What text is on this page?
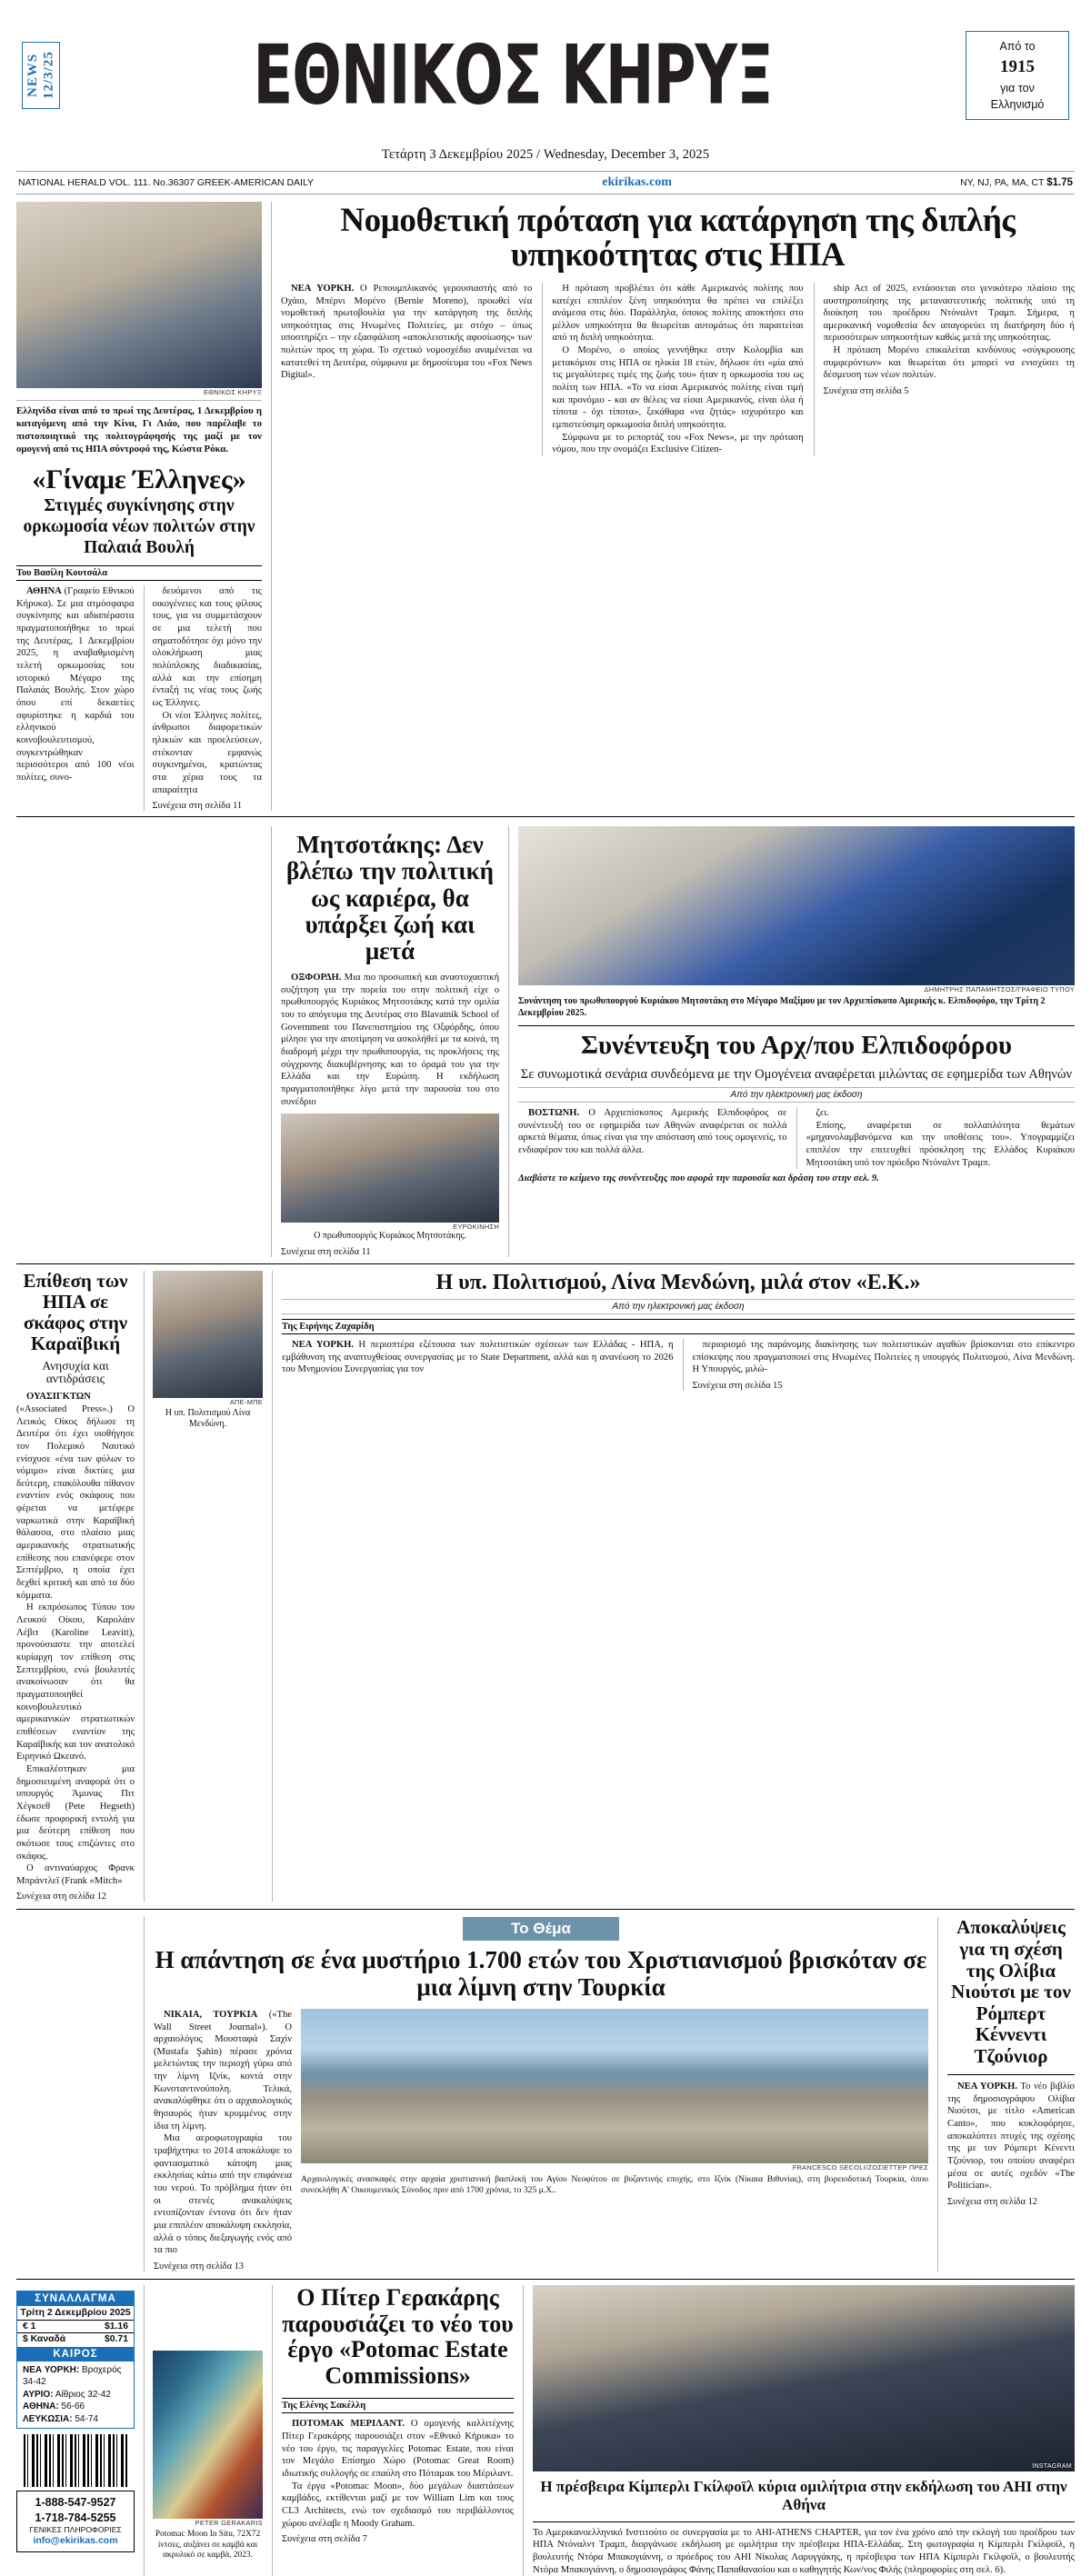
NEWS 12/3/25	ΕΘΝΙΚΟΣ ΚΗΡΥΞ	Από το
1915
για τον
Ελληνισμό
Τετάρτη 3 Δεκεμβρίου 2025 / Wednesday, December 3, 2025
NATIONAL HERALD VOL. 111. No.36307 GREEK-AMERICAN DAILY	ekirikas.com	NY, NJ, PA, MA, CT $1.75
ΕΘΝΙΚΟΣ ΚΗΡΥΞ
Ελληνίδα είναι από το πρωί της Δευτέρας, 1 Δεκεμβρίου η καταγόμενη από την Κίνα, Γι Λιάο, που παρέλαβε το πιστοποιητικό της πολιτογράφησής της μαζί με τον ομογενή από τις ΗΠΑ σύντροφό της, Κώστα Ρόκα.
«Γίναμε Έλληνες»
Στιγμές συγκίνησης στην ορκωμοσία νέων πολιτών στην Παλαιά Βουλή
Του Βασίλη Κουτσάλα
ΑΘΗΝΑ (Γραφείο Εθνικού Κήρυκα). Σε μια ατμόσφαιρα συγκίνησης και αδιαπέραστα πραγματοποιήθηκε το πρωί της Δευτέρας, 1 Δεκεμβρίου 2025, η αναβαθμισμένη τελετή ορκωμοσίας του ιστορικό Μέγαρο της Παλαιάς Βουλής. Στον χώρο όπου επί δεκαετίες σφυρίστηκε η καρδιά του ελληνικού κοινοβουλευτισμού, συγκεντρώθηκαν περισσότεροι από 100 νέοι πολίτες, συνο-
δευόμενοι από τις οικογένειες και τους φίλους τους, για να συμμετάσχουν σε μια τελετή που σηματοδότησε όχι μόνο την ολοκλήρωση μιας πολύπλοκης διαδικασίας, αλλά και την επίσημη ένταξή τις νέας τους ζωής ως Έλληνες.
Οι νέοι Έλληνες πολίτες, άνθρωποι διαφορετικών ηλικιών και προελεύσεων, στέκονταν εμφανώς συγκινημένοι, κρατώντας στα χέρια τους τα απαραίτητα
Συνέχεια στη σελίδα 11
Νομοθετική πρόταση για κατάργηση της διπλής υπηκοότητας στις ΗΠΑ
ΝΕΑ ΥΟΡΚΗ. Ο Ρεπουμπλικανός γερουσιαστής από το Οχάιο, Μπέρνι Μορένο (Bernie Moreno), προωθεί νέα νομοθετική πρωτοβουλία για την κατάργηση της διπλής υπηκοότητας στις Ηνωμένες Πολιτείες, με στόχο – όπως υποστηρίζει – την εξασφάλιση «αποκλειστικής αφοσίωσης» των πολιτών προς τη χώρα. Το σχετικό νομοσχέδιο αναμένεται να κατατεθεί τη Δευτέρα, σύμφωνα με δημοσίευμα του «Fox News Digital».
Η πρόταση προβλέπει ότι κάθε Αμερικανός πολίτης που κατέχει επιπλέον ξένη υπηκοότητα θα πρέπει να επιλέξει ανάμεσα στις δύο. Παράλληλα, όποιος πολίτης αποκτήσει στο μέλλον υπηκοότητα θα θεωρείται αυτομάτως ότι παραιτείται από τη διπλή υπηκοότητα.
Ο Μορένο, ο οποίος γεννήθηκε στην Κολομβία και μετακόμισε στις ΗΠΑ σε ηλικία 18 ετών, δήλωσε ότι «μία από τις μεγαλύτερες τιμές της ζωής του» ήταν η ορκωμοσία του ως πολίτη των ΗΠΑ. «Το να είσαι Αμερικανός πολίτης είναι τιμή και προνόμιο - και αν θέλεις να είσαι Αμερικανός, είναι όλα ή τίποτα - όχι τίποτα», ξεκάθαρα «να ζητάς» ισχυρότερο και εμπιστεύσιμη ορκωμοσία διπλή υπηκοότητα.
Σύμφωνα με το ρεπορτάζ του «Fox News», με την πρόταση νόμου, που την ονομάζει Exclusive Citizen-
ship Act of 2025, εντάσσεται στο γενικότερο πλαίσιο της αυστηροποίησης της μεταναστευτικής πολιτικής υπό τη διοίκηση του προέδρου Ντόναλντ Τραμπ. Σήμερα, η αμερικανική νομοθεσία δεν απαγορεύει τη διατήρηση δύο ή περισσότερων υπηκοοτήτων καθώς μετά της υπηκοότητας.
Η πρόταση Μορένο επικαλείται κινδύνους «σύγκρουσης συμφερόντων» και θεωρείται ότι μπορεί να ενισχύσει τη δέσμευση των νέων πολιτών.
Συνέχεια στη σελίδα 5
Μητσοτάκης: Δεν βλέπω την πολιτική ως καριέρα, θα υπάρξει ζωή και μετά
ΟΞΦΟΡΔΗ. Μια πιο προσωπική και αναστοχαστική συζήτηση για την πορεία του στην πολιτική είχε ο πρωθυπουργός Κυριάκος Μητσοτάκης κατά την ομιλία του το απόγευμα της Δευτέρας στο Blavatnik School of Government του Πανεπιστημίου της Οξφόρδης, όπου μίλησε για την αποτίμηση να ασκολήθεί με τα κοινά, τη διαδρομή μέχρι την πρωθυπουργία, τις προκλήσεις της σύγχρονης διακυβέρνησης και το όραμά του για την Ελλάδα και την Ευρώπη. Η εκδήλωση πραγματοποιήθηκε λίγο μετά την παρουσία του στο συνέδριο
ΕΥΡΩΚΙΝΗΣΗ
Ο πρωθυπουργός Κυριάκος Μητσοτάκης.
Συνέχεια στη σελίδα 11
ΔΗΜΗΤΡΗΣ ΠΑΠΑΜΗΤΣΟΣ/ΓΡΑΦΕΙΟ ΤΥΠΟΥ
Συνάντηση του πρωθυπουργού Κυριάκου Μητσοτάκη στο Μέγαρο Μαξίμου με τον Αρχιεπίσκοπο Αμερικής κ. Ελπιδοφόρο, την Τρίτη 2 Δεκεμβρίου 2025.
Συνέντευξη του Αρχ/που Ελπιδοφόρου
Σε συνωμοτικά σενάρια συνδεόμενα με την Ομογένεια αναφέρεται μιλώντας σε εφημερίδα των Αθηνών
Από την ηλεκτρονική μας έκδοση
ΒΟΣΤΩΝΗ. Ο Αρχιεπίσκοπος Αμερικής Ελπιδοφόρος σε συνέντευξή του σε εφημερίδα των Αθηνών αναφέρεται σε πολλά αρκετά θέματα, όπως είναι για την απόσταση από τους ομογενείς, το ενδιαφέρον του και πολλά άλλα.
ζει.
Επίσης, αναφέρεται σε πολλαπλότητα θεμάτων «μηχανολαμβανόμενα και την υποθέσεις του». Υπογραμμίζει επιπλέον την επιτευχθεί πρόσκληση της Ελλάδος Κυριάκου Μητσοτάκη υπό τον πρόεδρο Ντόναλντ Τραμπ.
Διαβάστε το κείμενο της συνέντευξης που αφορά την παρουσία και δράση του στην σελ. 9.
Επίθεση των ΗΠΑ σε σκάφος στην Καραϊβική
Ανησυχία και αντιδράσεις
ΟΥΑΣΙΓΚΤΩΝ («Associated Press».) Ο Λευκός Οίκος δήλωσε τη Δευτέρα ότι έχει υιοθήγησε τον Πολεμικό Ναυτικό ενίσχυσε «ένα των φύλων το νόμιμο» είναι δικτύες μια δεύτερη, επακόλουθα πίθανον εναντίον ενός σκάφους που φέρεται να μετέφερε ναρκωτικά στην Καραϊβική θάλασσα, στο πλαίσιο μιας αμερικανικής στρατιωτικής επίθεσης που επανέφερε στον Σεπτέμβριο, η οποία έχει δεχθεί κριτική και από τα δύο κόμματα.
Η εκπρόσωπος Τύπου του Λευκού Οίκου, Καρολάιν Λέβιτ (Karoline Leavitt), προνούσιαστε την αποτελεί κυρίαρχη τον επίθεση στις Σεπτεμβρίου, ενώ βουλευτές ανακοίνωσαν ότι θα πραγματοποιηθεί κοινοβουλευτικό αμερικανικών στρατιωτικών επιθέσεων εναντίον της Καραϊβικής και τον ανατολικό Ειρηνικό Ωκεανό.
Επικαλέστηκαν μια δημοσιευμένη αναφορά ότι ο υπουργός Άμυνας Πιτ Χέγκσεθ (Pete Hegseth) έδωσε προφορική εντολή για μια δεύτερη επίθεση που σκότωσε τους επιζώντες στο σκάφος.
Ο αντιναύαρχος Φρανκ Μπράντλεϊ (Frank «Mitch»
Συνέχεια στη σελίδα 12
ΑΠΕ-ΜΠΕ
Η υπ. Πολιτισμού Λίνα Μενδώνη.
Η υπ. Πολιτισμού, Λίνα Μενδώνη, μιλά στον «Ε.Κ.»
Από την ηλεκτρονική μας έκδοση
Της Ειρήνης Ζαχαρίδη
ΝΕΑ ΥΟΡΚΗ. Η περιοπτέρα εξέτουσα των πολιτιστικών σχέσεων των Ελλάδας - ΗΠΑ, η εμβάθυνση της αναπτυχθείσας συνεργασίας με το State Department, αλλά και η ανανέωση το 2026 του Μνημονίου Συνεργασίας για τον
περιορισμό της παράνομης διακίνησης των πολιτιστικών αγαθών βρίσκονται στο επίκεντρο επίσκεψης που πραγματοποιεί στις Ηνωμένες Πολιτείες η υπουργός Πολιτισμού, Λίνα Μενδώνη. Η Υπουργός, μιλώ-
Συνέχεια στη σελίδα 15
Το Θέμα
Η απάντηση σε ένα μυστήριο 1.700 ετών του Χριστιανισμού βρισκόταν σε μια λίμνη στην Τουρκία
ΝΙΚΑΙΑ, ΤΟΥΡΚΙΑ («The Wall Street Journal»). Ο αρχαιολόγος Μουσταφά Σαχίν (Mustafa Şahin) πέρασε χρόνια μελετώντας την περιοχή γύρω από την λίμνη Ιζνίκ, κοντά στην Κωνσταντινούπολη. Τελικά, ανακαλύφθηκε ότι ο αρχαιολογικός θησαυρός ήταν κρυμμένος στην ίδια τη λίμνη.
Μια αεροφωτογραφία του τραβήχτηκε το 2014 αποκάλυψε το φαντασματικό κάτοψη μιας εκκλησίας κάτω από την επιφάνεια του νερού. Το πρόβλημα ήταν ότι οι στενές ανακαλύψεις εντοπίζονταν έντονα ότι δεν ήταν μια επιπλέον αποκάλυψη εκκλησία, αλλά ο τόπος διεξαγωγής ενός από τα πιο
Συνέχεια στη σελίδα 13
FRANCESCO SECOLI/ΖΟΣΙΕΤΤΕΡ ΠΡΕΣ
Αρχαιολογικές ανασκαφές στην αρχαία χριστιανική βασιλική του Αγίου Νεοφύτου σε βυζαντινής εποχής, στο Ιζνίκ (Νίκαια Βιθυνίας), στη βορειοδυτική Τουρκία, όπου συνεκλήθη Α' Οικουμενικός Σύνοδος πριν από 1700 χρόνια, το 325 μ.Χ..
Αποκαλύψεις για τη σχέση της Ολίβια Νιούτσι με τον Ρόμπερτ Κέννεντι Τζούνιορ
ΝΕΑ ΥΟΡΚΗ. Το νέο βιβλίο της δημοσιογράφου Ολίβια Νιούτσι, με τίτλο «American Canto», που κυκλοφόρησε, αποκαλύπτει πτυχές της σχέσης της με τον Ρόμπερτ Κένεντι Τζούνιορ, του οποίου αναφέρει μέσα σε αυτές σχεδόν «The Politician».
Συνέχεια στη σελίδα 12
ΣΥΝΑΛΛΑΓΜΑ
Τρίτη 2 Δεκεμβρίου 2025
€ 1	$1.16
$ Καναδά	$0.71
ΚΑΙΡΟΣ
ΝΕΑ ΥΟΡΚΗ: Βροχερός 34-42
ΑΥΡΙΟ: Αίθριος 32-42
ΑΘΗΝΑ: 56-66
ΛΕΥΚΩΣΙΑ: 54-74
1-888-547-9527
1-718-784-5255
ΓΕΝΙΚΕΣ ΠΛΗΡΟΦΟΡΙΕΣ
info@ekirikas.com
PETER GERAKARIS
Potomac Moon In Situ, 72X72 ίντσες, αυξάνει σε καμβά και ακρυλικό σε καμβά, 2023.
Ο Πίτερ Γερακάρης παρουσιάζει το νέο του έργο «Potomac Estate Commissions»
Της Ελένης Σακέλλη
ΠΟΤΟΜΑΚ ΜΕΡΙΛΑΝΤ. Ο ομογενής καλλιτέχνης Πίτερ Γερακάρης παρουσιάζει στον «Εθνικό Κήρυκα» το νέο του έργο, τις παραγγελίες Potomac Estate, που είναι τον Μεγάλο Επίσημο Χώρο (Potomac Great Room) ιδιωτικής συλλογής σε επαύλη στο Πόταμακ του Μέριλαντ.
Τα έργα «Potomac Moon», δύο μεγάλων διαστάσεων καμβάδες, εκτίθενται μαζί με τον William Lim και τους CL3 Architects, ενώ τον σχεδιασμό του περιβάλλοντος χώρου ανέλαβε η Moody Graham.
Συνέχεια στη σελίδα 7
INSTAGRAM
Η πρέσβειρα Κίμπερλι Γκίλφοϊλ κύρια ομιλήτρια στην εκδήλωση του ΑΗΙ στην Αθήνα
Το Αμερικανοελληνικό Ινστιτούτο σε συνεργασία με το AHI-ATHENS CHAPTER, για τον ένα χρόνο από την εκλογή του προέδρου των ΗΠΑ Ντόναλντ Τραμπ, διοργάνωσε εκδήλωση με ομιλήτρια την πρέσβειρα ΗΠΑ-Ελλάδας. Στη φωτογραφία η Κίμπερλι Γκίλφοϊλ, η βουλευτής Ντόρα Μπακογιάννη, ο πρόεδρος του ΑΗΙ Νίκολας Λαρυγγάκης, η πρέσβειρα των ΗΠΑ Κίμπερλι Γκίλφοϊλ, ο βουλευτής Ντόρα Μπακογιάννη, ο δημοσιογράφος Φάνης Παπαθανασίου και ο καθηγητής Κων/νος Φιλής (πληροφορίες στη σελ. 6).
